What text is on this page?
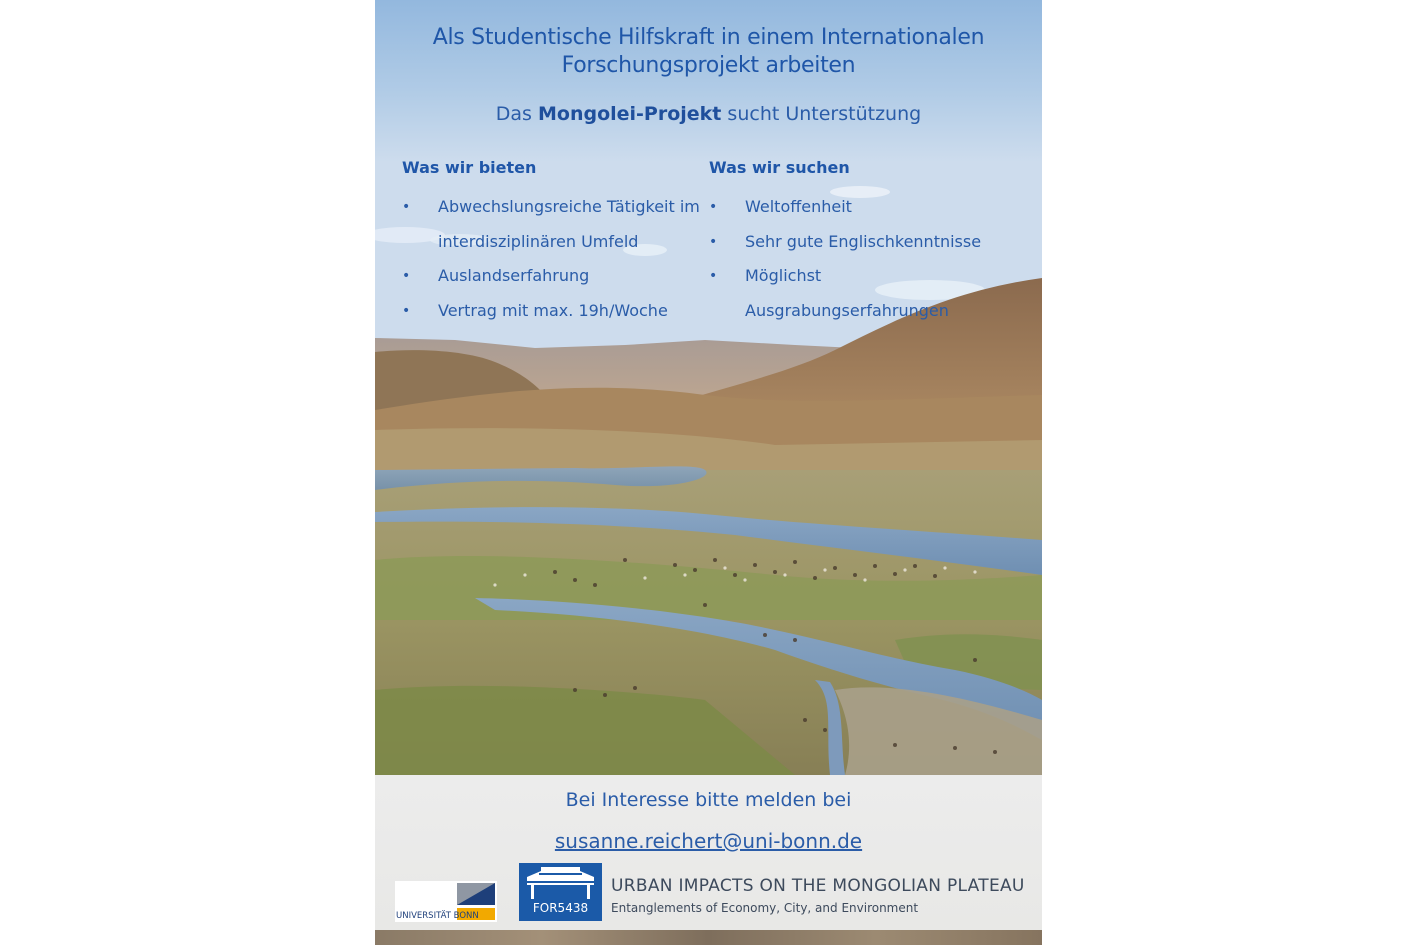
Als Studentische Hilfskraft in einem Internationalen
Forschungsprojekt arbeiten
Das Mongolei-Projekt sucht Unterstützung
Was wir bieten
• Abwechslungsreiche Tätigkeit im
interdisziplinären Umfeld
• Auslandserfahrung
• Vertrag mit max. 19h/Woche
Was wir suchen
• Weltoffenheit
• Sehr gute Englischkenntnisse
• Möglichst
Ausgrabungserfahrungen
Bei Interesse bitte melden bei
susanne.reichert@uni-bonn.de
UNIVERSITÄT BONN
FOR5438
URBAN IMPACTS ON THE MONGOLIAN PLATEAU
Entanglements of Economy, City, and Environment
